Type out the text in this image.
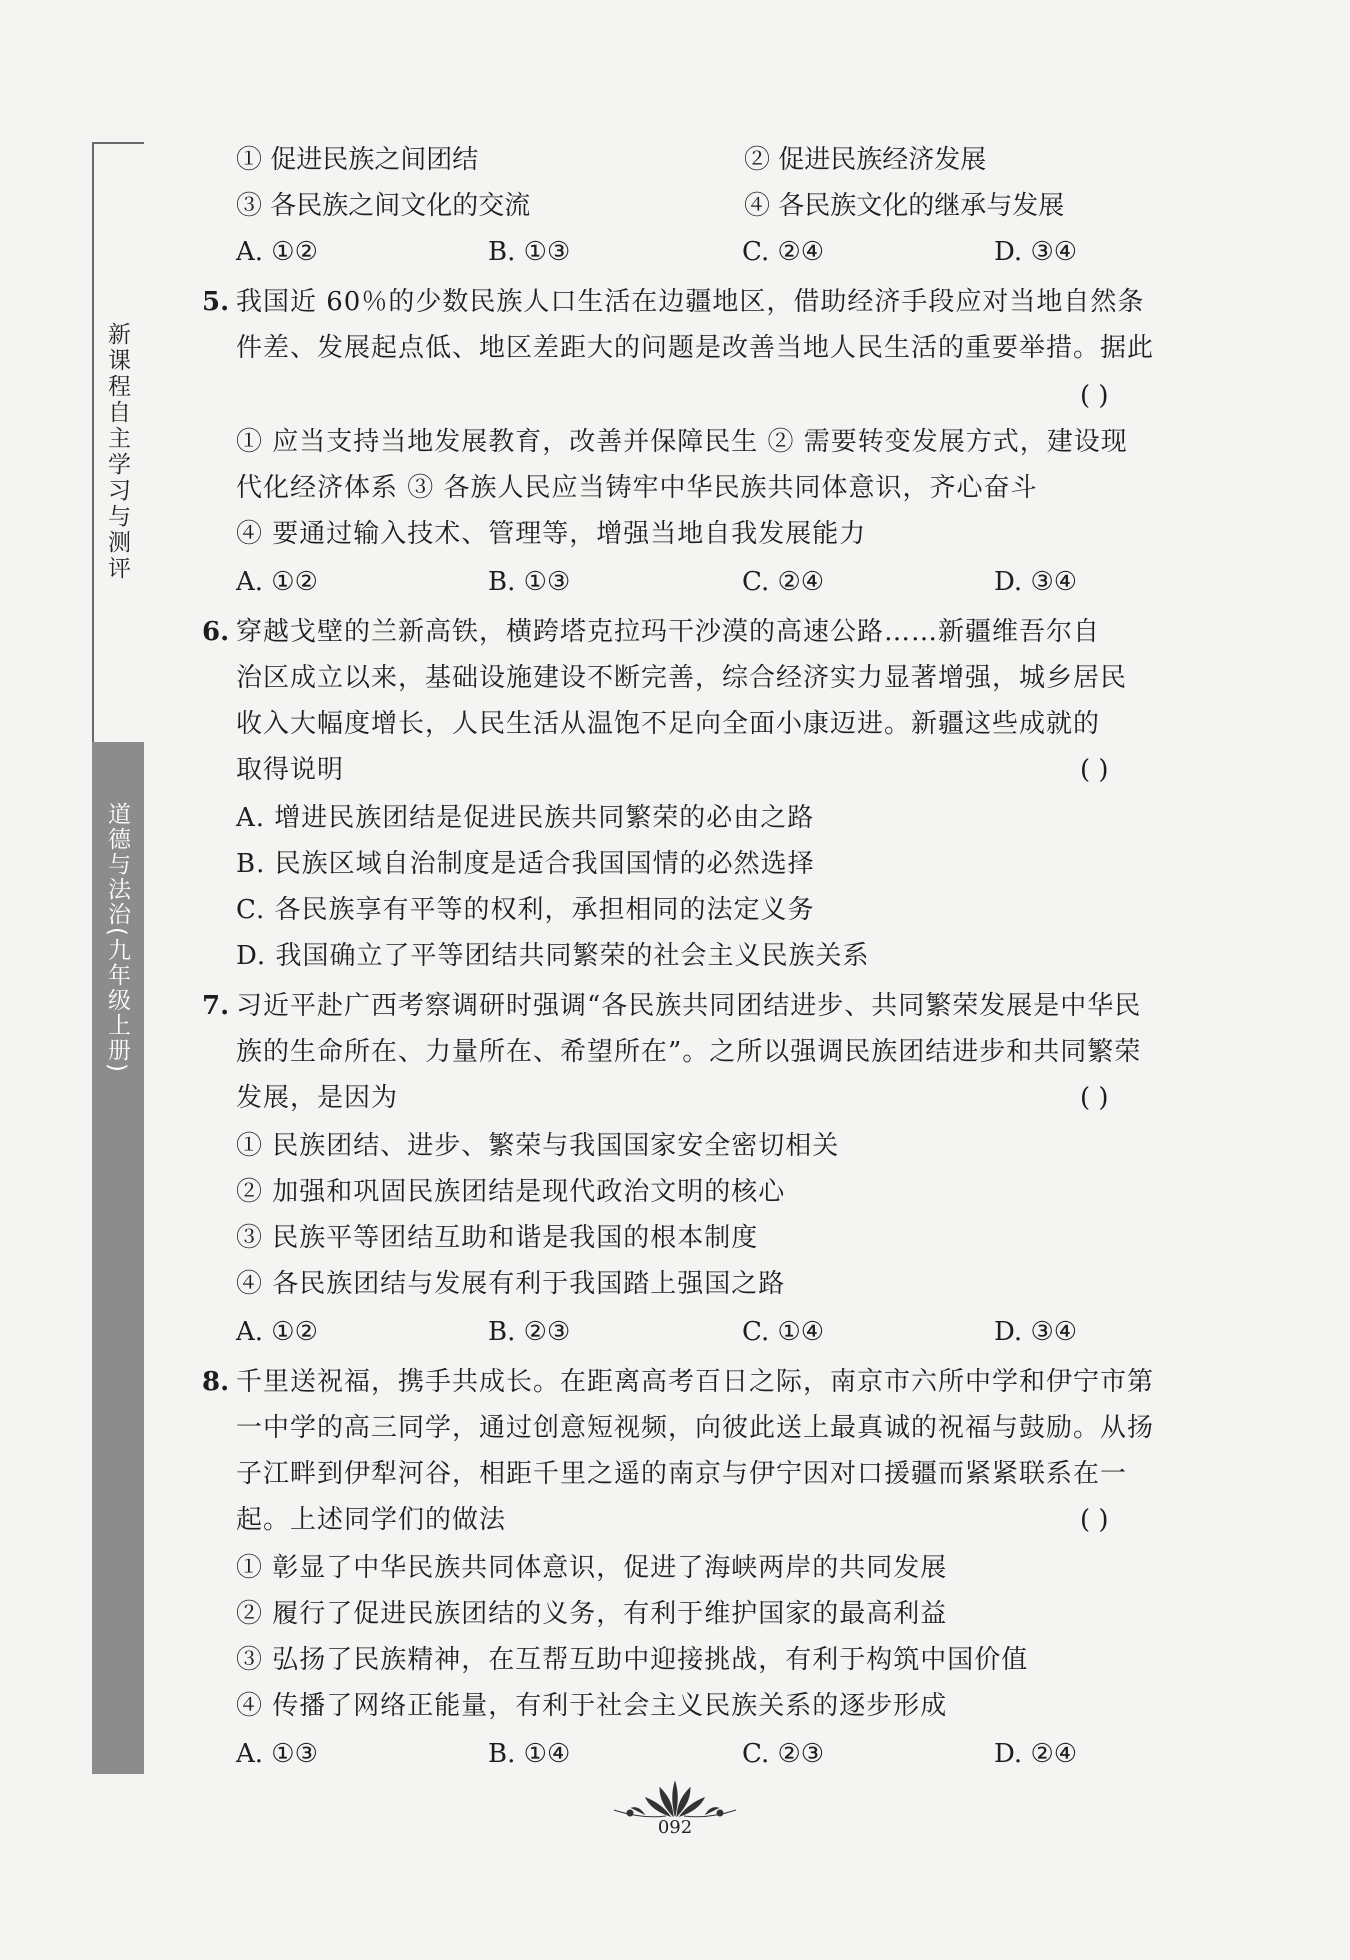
新课程自主学习与测评
道德与法治(九年级上册)
① 促进民族之间团结	② 促进民族经济发展
③ 各民族之间文化的交流	④ 各民族文化的继承与发展
A. ①②	B. ①③	C. ②④	D. ③④
5. 我国近 60％的少数民族人口生活在边疆地区，借助经济手段应对当地自然条
件差、发展起点低、地区差距大的问题是改善当地人民生活的重要举措。据此
( )
① 应当支持当地发展教育，改善并保障民生 ② 需要转变发展方式，建设现
代化经济体系 ③ 各族人民应当铸牢中华民族共同体意识，齐心奋斗
④ 要通过输入技术、管理等，增强当地自我发展能力
A. ①②	B. ①③	C. ②④	D. ③④
6. 穿越戈壁的兰新高铁，横跨塔克拉玛干沙漠的高速公路……新疆维吾尔自
治区成立以来，基础设施建设不断完善，综合经济实力显著增强，城乡居民
收入大幅度增长，人民生活从温饱不足向全面小康迈进。新疆这些成就的
取得说明	( )
A. 增进民族团结是促进民族共同繁荣的必由之路
B. 民族区域自治制度是适合我国国情的必然选择
C. 各民族享有平等的权利，承担相同的法定义务
D. 我国确立了平等团结共同繁荣的社会主义民族关系
7. 习近平赴广西考察调研时强调“各民族共同团结进步、共同繁荣发展是中华民
族的生命所在、力量所在、希望所在”。之所以强调民族团结进步和共同繁荣
发展，是因为	( )
① 民族团结、进步、繁荣与我国国家安全密切相关
② 加强和巩固民族团结是现代政治文明的核心
③ 民族平等团结互助和谐是我国的根本制度
④ 各民族团结与发展有利于我国踏上强国之路
A. ①②	B. ②③	C. ①④	D. ③④
8. 千里送祝福，携手共成长。在距离高考百日之际，南京市六所中学和伊宁市第
一中学的高三同学，通过创意短视频，向彼此送上最真诚的祝福与鼓励。从扬
子江畔到伊犁河谷，相距千里之遥的南京与伊宁因对口援疆而紧紧联系在一
起。上述同学们的做法	( )
① 彰显了中华民族共同体意识，促进了海峡两岸的共同发展
② 履行了促进民族团结的义务，有利于维护国家的最高利益
③ 弘扬了民族精神，在互帮互助中迎接挑战，有利于构筑中国价值
④ 传播了网络正能量，有利于社会主义民族关系的逐步形成
A. ①③	B. ①④	C. ②③	D. ②④
092
